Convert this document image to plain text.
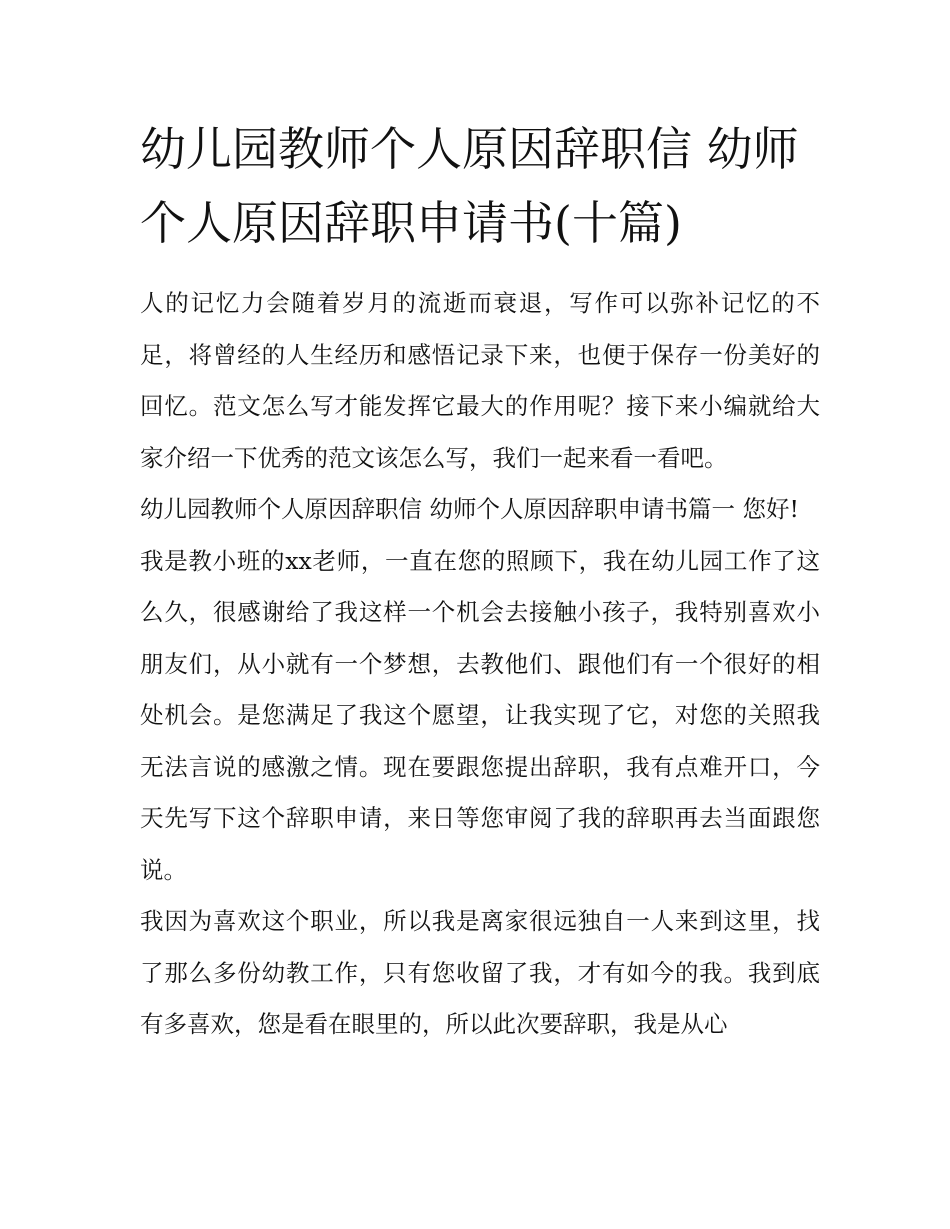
幼儿园教师个人原因辞职信 幼师个人原因辞职申请书(十篇)

人的记忆力会随着岁月的流逝而衰退，写作可以弥补记忆的不足，将曾经的人生经历和感悟记录下来，也便于保存一份美好的回忆。范文怎么写才能发挥它最大的作用呢？接下来小编就给大家介绍一下优秀的范文该怎么写，我们一起来看一看吧。

幼儿园教师个人原因辞职信 幼师个人原因辞职申请书篇一 您好!

我是教小班的xx老师，一直在您的照顾下，我在幼儿园工作了这么久，很感谢给了我这样一个机会去接触小孩子，我特别喜欢小朋友们，从小就有一个梦想，去教他们、跟他们有一个很好的相处机会。是您满足了我这个愿望，让我实现了它，对您的关照我无法言说的感激之情。现在要跟您提出辞职，我有点难开口，今天先写下这个辞职申请，来日等您审阅了我的辞职再去当面跟您说。

我因为喜欢这个职业，所以我是离家很远独自一人来到这里，找了那么多份幼教工作，只有您收留了我，才有如今的我。我到底有多喜欢，您是看在眼里的，所以此次要辞职，我是从心
